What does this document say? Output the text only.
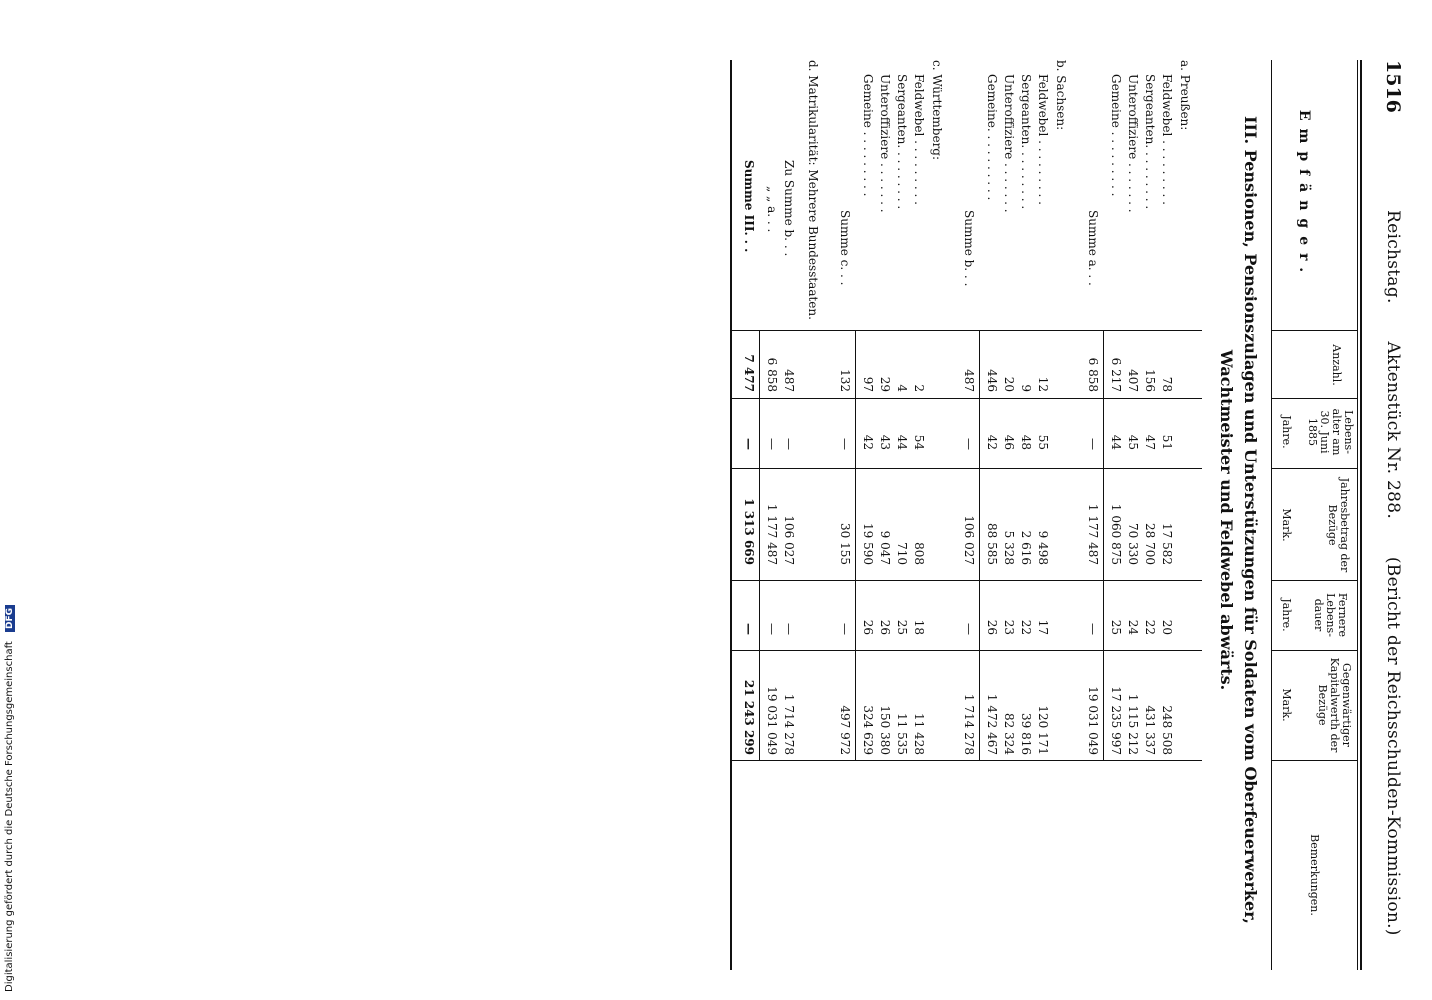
1516
Reichstag. Aktenstück Nr. 288. (Bericht der Reichsschulden-Kommission.)
Empfänger.
Anzahl.
Lebens-alter am 30. Juni 1885
Jahre.
Jahresbetrag der Bezüge
Mark.
Fernere Lebens-dauer
Jahre.
Gegenwärtiger Kapitalwerth der Bezüge
Mark.
Bemerkungen.
III. Pensionen, Pensionszulagen und Unterstützungen für Soldaten vom Oberfeuerwerker,
Wachtmeister und Feldwebel abwärts.
a. Preußen:
Feldwebel . . . . . . . . .
78
51
17 582
20
248 508
Sergeanten. . . . . . . . .
156
47
28 700
22
431 337
Unteroffiziere . . . . . . .
407
45
70 330
24
1 115 212
Gemeine . . . . . . . . .
6 217
44
1 060 875
25
17 235 997
Summe a. . .
6 858
—
1 177 487
—
19 031 049
b. Sachsen:
Feldwebel . . . . . . . . .
12
55
9 498
17
120 171
Sergeanten. . . . . . . . .
9
48
2 616
22
39 816
Unteroffiziere . . . . . . .
20
46
5 328
23
82 324
Gemeine. . . . . . . . . .
446
42
88 585
26
1 472 467
Summe b. . .
487
—
106 027
—
1 714 278
c. Württemberg:
Feldwebel . . . . . . . . .
2
54
808
18
11 428
Sergeanten. . . . . . . . .
4
44
710
25
11 535
Unteroffiziere . . . . . . .
29
43
9 047
26
150 380
Gemeine . . . . . . . . .
97
42
19 590
26
324 629
Summe c. . .
132
—
30 155
—
497 972
d. Matrikularität: Mehrere Bundesstaaten.
Zu Summe b. . .
487
—
106 027
—
1 714 278
„ „ a. . .
6 858
—
1 177 487
—
19 031 049
Summe III. . .
7 477
—
1 313 669
—
21 243 299
Digitalisierung gefördert durch die Deutsche Forschungsgemeinschaft DFG
